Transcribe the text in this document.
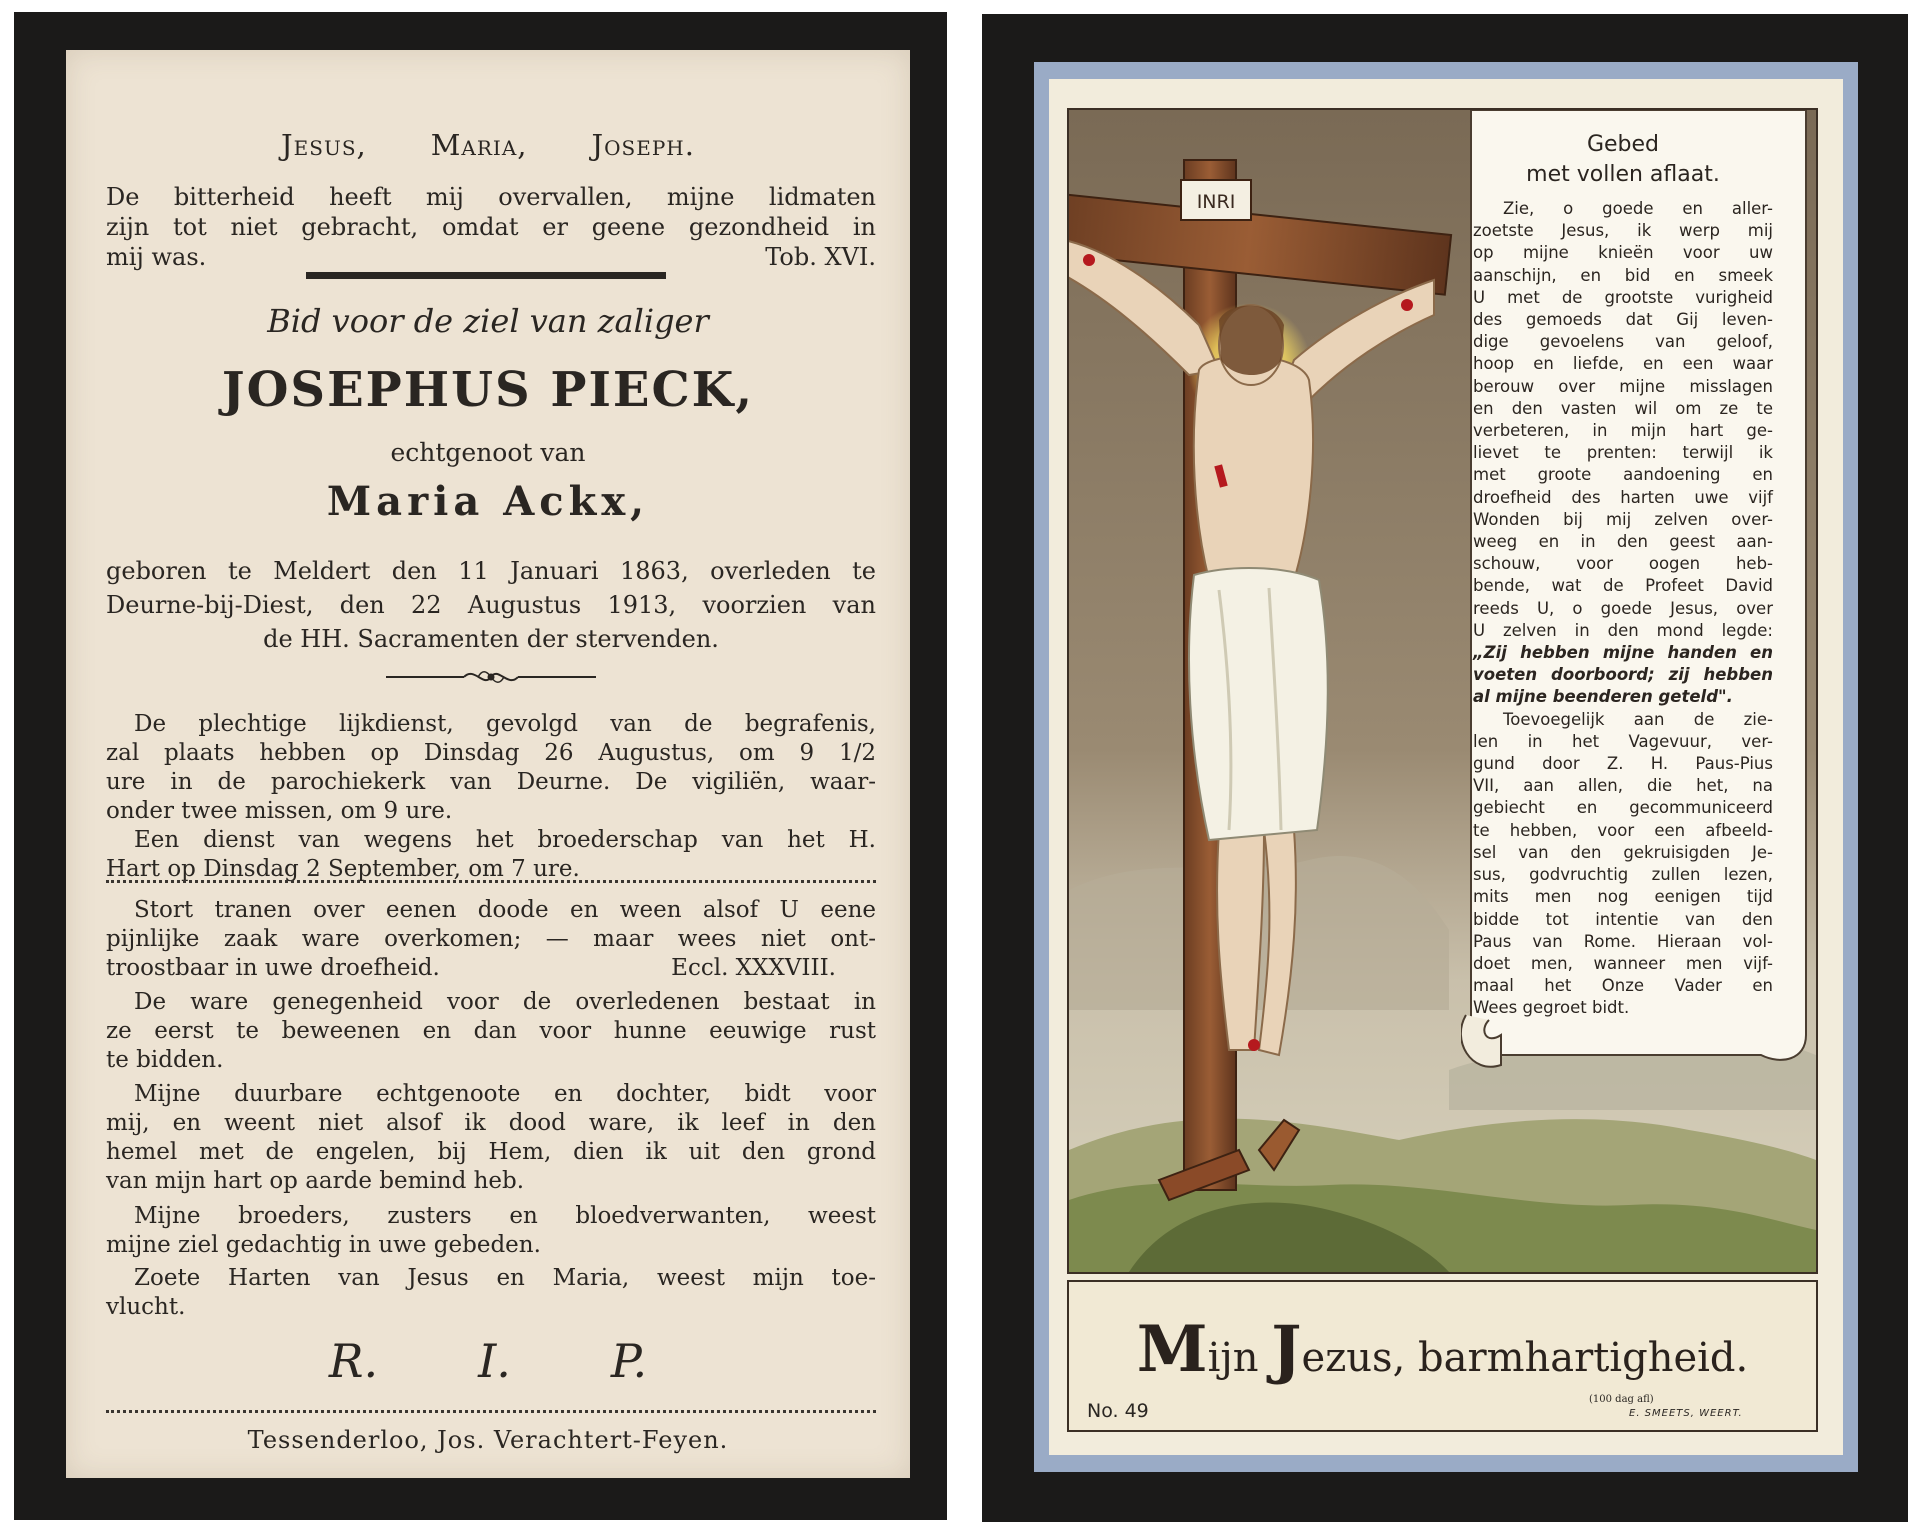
Jesus, Maria, Joseph.
De bitterheid heeft mij overvallen, mijne lidmaten
zijn tot niet gebracht, omdat er geene gezondheid in
mij was.	Tob. XVI.
Bid voor de ziel van zaliger
JOSEPHUS PIECK,
echtgenoot van
Maria Ackx,
geboren te Meldert den 11 Januari 1863, overleden te
Deurne-bij-Diest, den 22 Augustus 1913, voorzien van
de HH. Sacramenten der stervenden.
De plechtige lijkdienst, gevolgd van de begrafenis,
zal plaats hebben op Dinsdag 26 Augustus, om 9 1/2
ure in de parochiekerk van Deurne. De vigiliën, waar-
onder twee missen, om 9 ure.
Een dienst van wegens het broederschap van het H.
Hart op Dinsdag 2 September, om 7 ure.
Stort tranen over eenen doode en ween alsof U eene
pijnlijke zaak ware overkomen; — maar wees niet ont-
troostbaar in uwe droefheid.	Eccl. XXXVIII.
De ware genegenheid voor de overledenen bestaat in
ze eerst te beweenen en dan voor hunne eeuwige rust
te bidden.
Mijne duurbare echtgenoote en dochter, bidt voor
mij, en weent niet alsof ik dood ware, ik leef in den
hemel met de engelen, bij Hem, dien ik uit den grond
van mijn hart op aarde bemind heb.
Mijne broeders, zusters en bloedverwanten, weest
mijne ziel gedachtig in uwe gebeden.
Zoete Harten van Jesus en Maria, weest mijn toe-
vlucht.
R. I. P.
Tessenderloo, Jos. Verachtert-Feyen.
INRI
Gebed
met vollen aflaat.
Zie, o goede en aller-
zoetste Jesus, ik werp mij
op mijne knieën voor uw
aanschijn, en bid en smeek
U met de grootste vurigheid
des gemoeds dat Gij leven-
dige gevoelens van geloof,
hoop en liefde, en een waar
berouw over mijne misslagen
en den vasten wil om ze te
verbeteren, in mijn hart ge-
lievet te prenten: terwijl ik
met groote aandoening en
droefheid des harten uwe vijf
Wonden bij mij zelven over-
weeg en in den geest aan-
schouw, voor oogen heb-
bende, wat de Profeet David
reeds U, o goede Jesus, over
U zelven in den mond legde:
„Zij hebben mijne handen en
voeten doorboord; zij hebben
al mijne beenderen geteld".
Toevoegelijk aan de zie-
len in het Vagevuur, ver-
gund door Z. H. Paus-Pius
VII, aan allen, die het, na
gebiecht en gecommuniceerd
te hebben, voor een afbeeld-
sel van den gekruisigden Je-
sus, godvruchtig zullen lezen,
mits men nog eenigen tijd
bidde tot intentie van den
Paus van Rome. Hieraan vol-
doet men, wanneer men vijf-
maal het Onze Vader en
Wees gegroet bidt.
Mijn Jezus, barmhartigheid.
(100 dag afl)
No. 49	E. SMEETS, WEERT.
